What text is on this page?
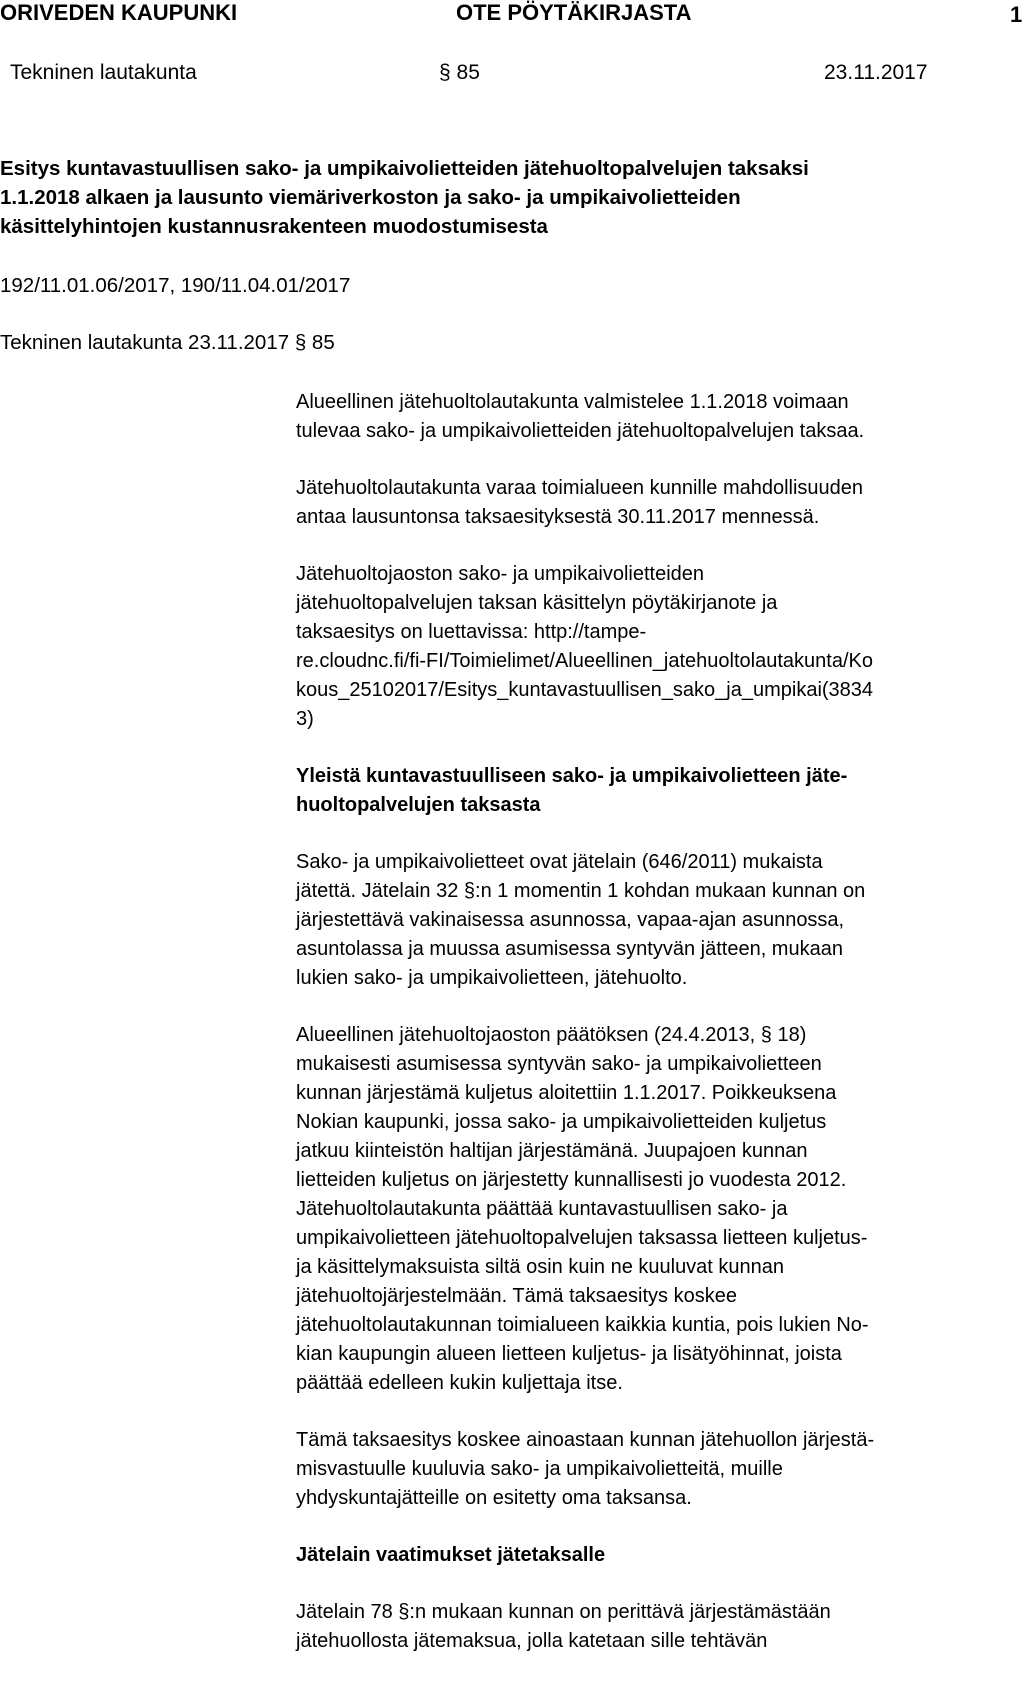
ORIVEDEN KAUPUNKI	OTE PÖYTÄKIRJASTA	1
Tekninen lautakunta	§ 85	23.11.2017
Esitys kuntavastuullisen sako- ja umpikaivolietteiden jätehuoltopalvelujen taksaksi
1.1.2018 alkaen ja lausunto viemäriverkoston ja sako- ja umpikaivolietteiden
käsittelyhintojen kustannusrakenteen muodostumisesta
192/11.01.06/2017, 190/11.04.01/2017
Tekninen lautakunta 23.11.2017 § 85

Alueellinen jätehuoltolautakunta valmistelee 1.1.2018 voimaan
tulevaa sako- ja umpikaivolietteiden jätehuoltopalvelujen taksaa.

Jätehuoltolautakunta varaa toimialueen kunnille mahdollisuuden
antaa lausuntonsa taksaesityksestä 30.11.2017 mennessä.

Jätehuoltojaoston sako- ja umpikaivolietteiden
jätehuoltopalvelujen taksan käsittelyn pöytäkirjanote ja
taksaesitys on luettavissa: http://tampe-
re.cloudnc.fi/fi-FI/Toimielimet/Alueellinen_jatehuoltolautakunta/Ko
kous_25102017/Esitys_kuntavastuullisen_sako_ja_umpikai(3834
3)

Yleistä kuntavastuulliseen sako- ja umpikaivolietteen jäte-
huoltopalvelujen taksasta

Sako- ja umpikaivolietteet ovat jätelain (646/2011) mukaista
jätettä. Jätelain 32 §:n 1 momentin 1 kohdan mukaan kunnan on
järjestettävä vakinaisessa asunnossa, vapaa-ajan asunnossa,
asuntolassa ja muussa asumisessa syntyvän jätteen, mukaan
lukien sako- ja umpikaivolietteen, jätehuolto.

Alueellinen jätehuoltojaoston päätöksen (24.4.2013, § 18)
mukaisesti asumisessa syntyvän sako- ja umpikaivolietteen
kunnan järjestämä kuljetus aloitettiin 1.1.2017. Poikkeuksena
Nokian kaupunki, jossa sako- ja umpikaivolietteiden kuljetus
jatkuu kiinteistön haltijan järjestämänä. Juupajoen kunnan
lietteiden kuljetus on järjestetty kunnallisesti jo vuodesta 2012.
Jätehuoltolautakunta päättää kuntavastuullisen sako- ja
umpikaivolietteen jätehuoltopalvelujen taksassa lietteen kuljetus-
ja käsittelymaksuista siltä osin kuin ne kuuluvat kunnan
jätehuoltojärjestelmään. Tämä taksaesitys koskee
jätehuoltolautakunnan toimialueen kaikkia kuntia, pois lukien No-
kian kaupungin alueen lietteen kuljetus- ja lisätyöhinnat, joista
päättää edelleen kukin kuljettaja itse.

Tämä taksaesitys koskee ainoastaan kunnan jätehuollon järjestä-
misvastuulle kuuluvia sako- ja umpikaivolietteitä, muille
yhdyskuntajätteille on esitetty oma taksansa.

Jätelain vaatimukset jätetaksalle

Jätelain 78 §:n mukaan kunnan on perittävä järjestämästään
jätehuollosta jätemaksua, jolla katetaan sille tehtävän
